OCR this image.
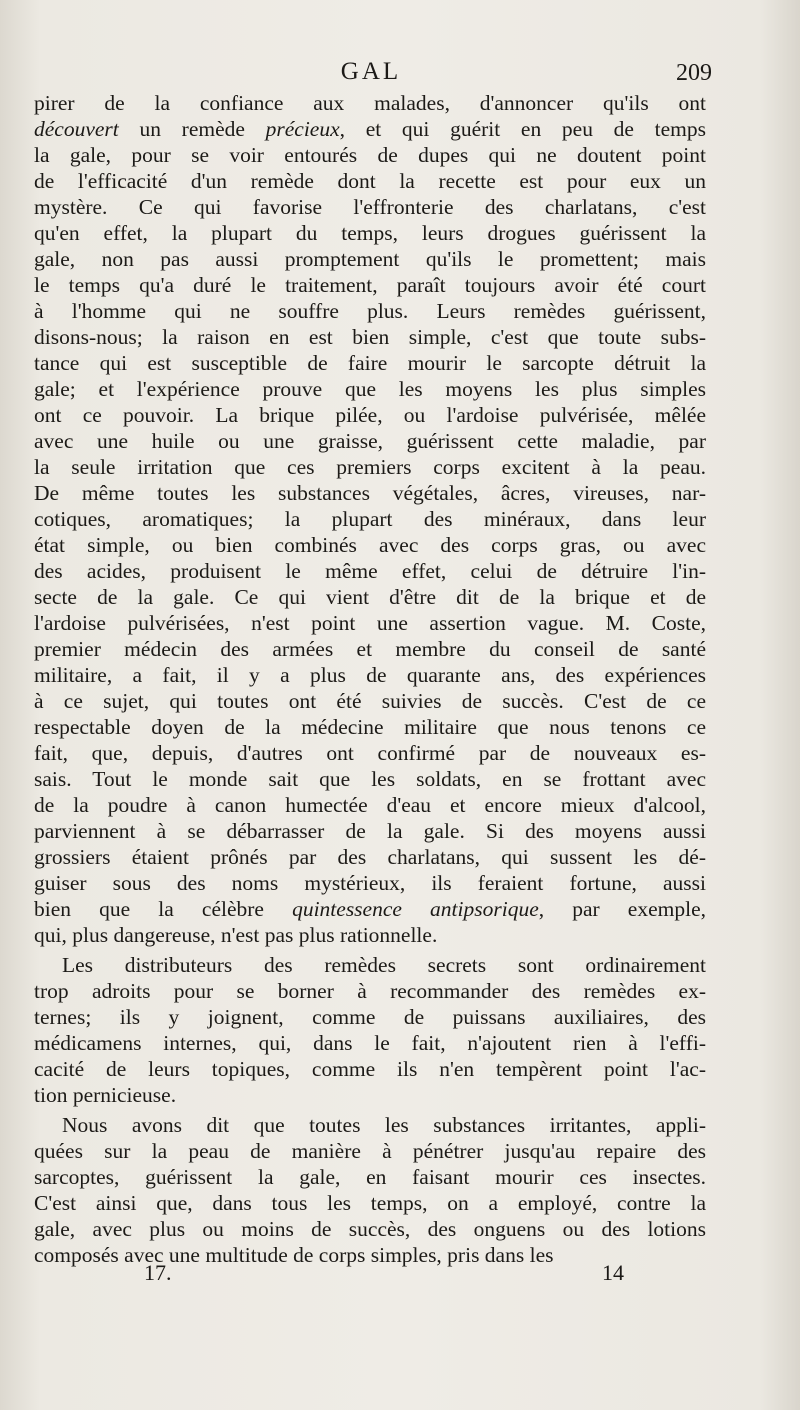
GAL	209
pirer de la confiance aux malades, d'annoncer qu'ils ont
découvert un remède précieux, et qui guérit en peu de temps
la gale, pour se voir entourés de dupes qui ne doutent point
de l'efficacité d'un remède dont la recette est pour eux un
mystère. Ce qui favorise l'effronterie des charlatans, c'est
qu'en effet, la plupart du temps, leurs drogues guérissent la
gale, non pas aussi promptement qu'ils le promettent; mais
le temps qu'a duré le traitement, paraît toujours avoir été court
à l'homme qui ne souffre plus. Leurs remèdes guérissent,
disons-nous; la raison en est bien simple, c'est que toute subs-
tance qui est susceptible de faire mourir le sarcopte détruit la
gale; et l'expérience prouve que les moyens les plus simples
ont ce pouvoir. La brique pilée, ou l'ardoise pulvérisée, mêlée
avec une huile ou une graisse, guérissent cette maladie, par
la seule irritation que ces premiers corps excitent à la peau.
De même toutes les substances végétales, âcres, vireuses, nar-
cotiques, aromatiques; la plupart des minéraux, dans leur
état simple, ou bien combinés avec des corps gras, ou avec
des acides, produisent le même effet, celui de détruire l'in-
secte de la gale. Ce qui vient d'être dit de la brique et de
l'ardoise pulvérisées, n'est point une assertion vague. M. Coste,
premier médecin des armées et membre du conseil de santé
militaire, a fait, il y a plus de quarante ans, des expériences
à ce sujet, qui toutes ont été suivies de succès. C'est de ce
respectable doyen de la médecine militaire que nous tenons ce
fait, que, depuis, d'autres ont confirmé par de nouveaux es-
sais. Tout le monde sait que les soldats, en se frottant avec
de la poudre à canon humectée d'eau et encore mieux d'alcool,
parviennent à se débarrasser de la gale. Si des moyens aussi
grossiers étaient prônés par des charlatans, qui sussent les dé-
guiser sous des noms mystérieux, ils feraient fortune, aussi
bien que la célèbre quintessence antipsorique, par exemple,
qui, plus dangereuse, n'est pas plus rationnelle.
Les distributeurs des remèdes secrets sont ordinairement
trop adroits pour se borner à recommander des remèdes ex-
ternes; ils y joignent, comme de puissans auxiliaires, des
médicamens internes, qui, dans le fait, n'ajoutent rien à l'effi-
cacité de leurs topiques, comme ils n'en tempèrent point l'ac-
tion pernicieuse.
Nous avons dit que toutes les substances irritantes, appli-
quées sur la peau de manière à pénétrer jusqu'au repaire des
sarcoptes, guérissent la gale, en faisant mourir ces insectes.
C'est ainsi que, dans tous les temps, on a employé, contre la
gale, avec plus ou moins de succès, des onguens ou des lotions
composés avec une multitude de corps simples, pris dans les
17.	14
